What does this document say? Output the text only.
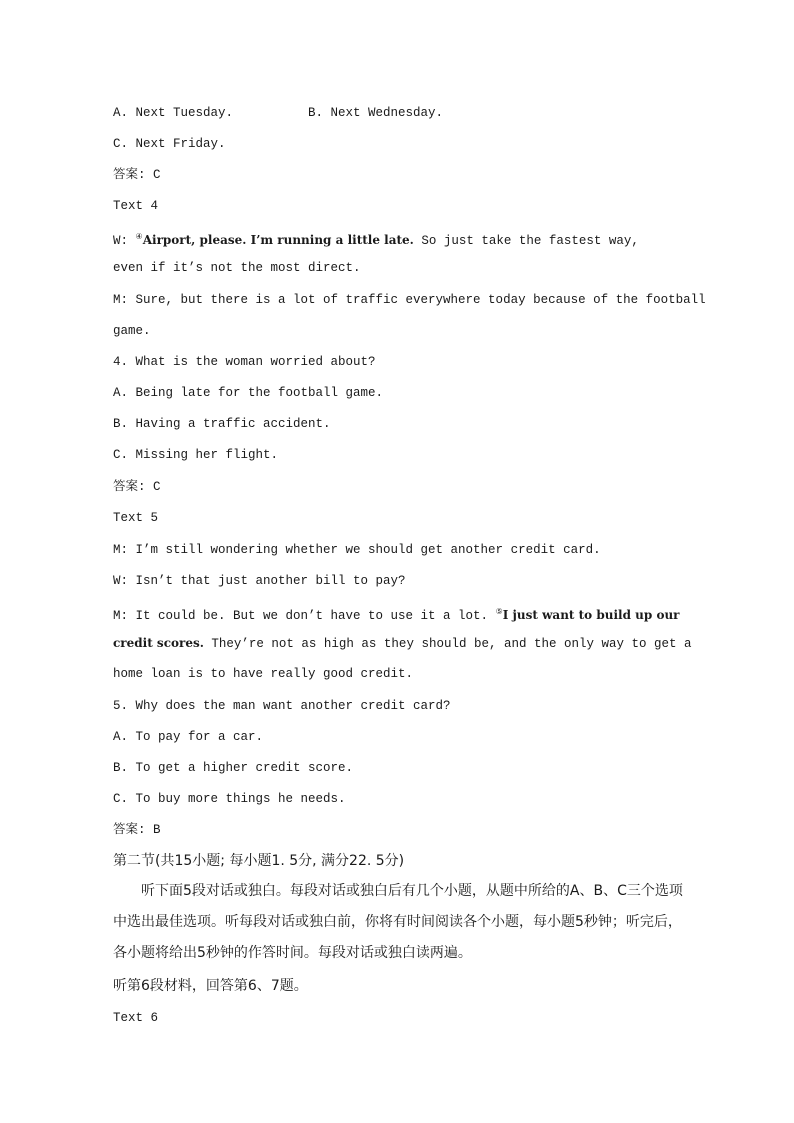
A. Next Tuesday.	B. Next Wednesday.
C. Next Friday.
答案: C
Text 4
W: ④Airport, please. I’m running a little late. So just take the fastest way,
even if it’s not the most direct.
M: Sure, but there is a lot of traffic everywhere today because of the football
game.
4. What is the woman worried about?
A. Being late for the football game.
B. Having a traffic accident.
C. Missing her flight.
答案: C
Text 5
M: I’m still wondering whether we should get another credit card.
W: Isn’t that just another bill to pay?
M: It could be. But we don’t have to use it a lot. ⑤I just want to build up our
credit scores. They’re not as high as they should be, and the only way to get a
home loan is to have really good credit.
5. Why does the man want another credit card?
A. To pay for a car.
B. To get a higher credit score.
C. To buy more things he needs.
答案: B
第二节(共15小题; 每小题1. 5分, 满分22. 5分)
听下面5段对话或独白。每段对话或独白后有几个小题，从题中所给的A、B、C三个选项中选出最佳选项。听每段对话或独白前，你将有时间阅读各个小题，每小题5秒钟；听完后，各小题将给出5秒钟的作答时间。每段对话或独白读两遍。
听第6段材料，回答第6、7题。
Text 6
